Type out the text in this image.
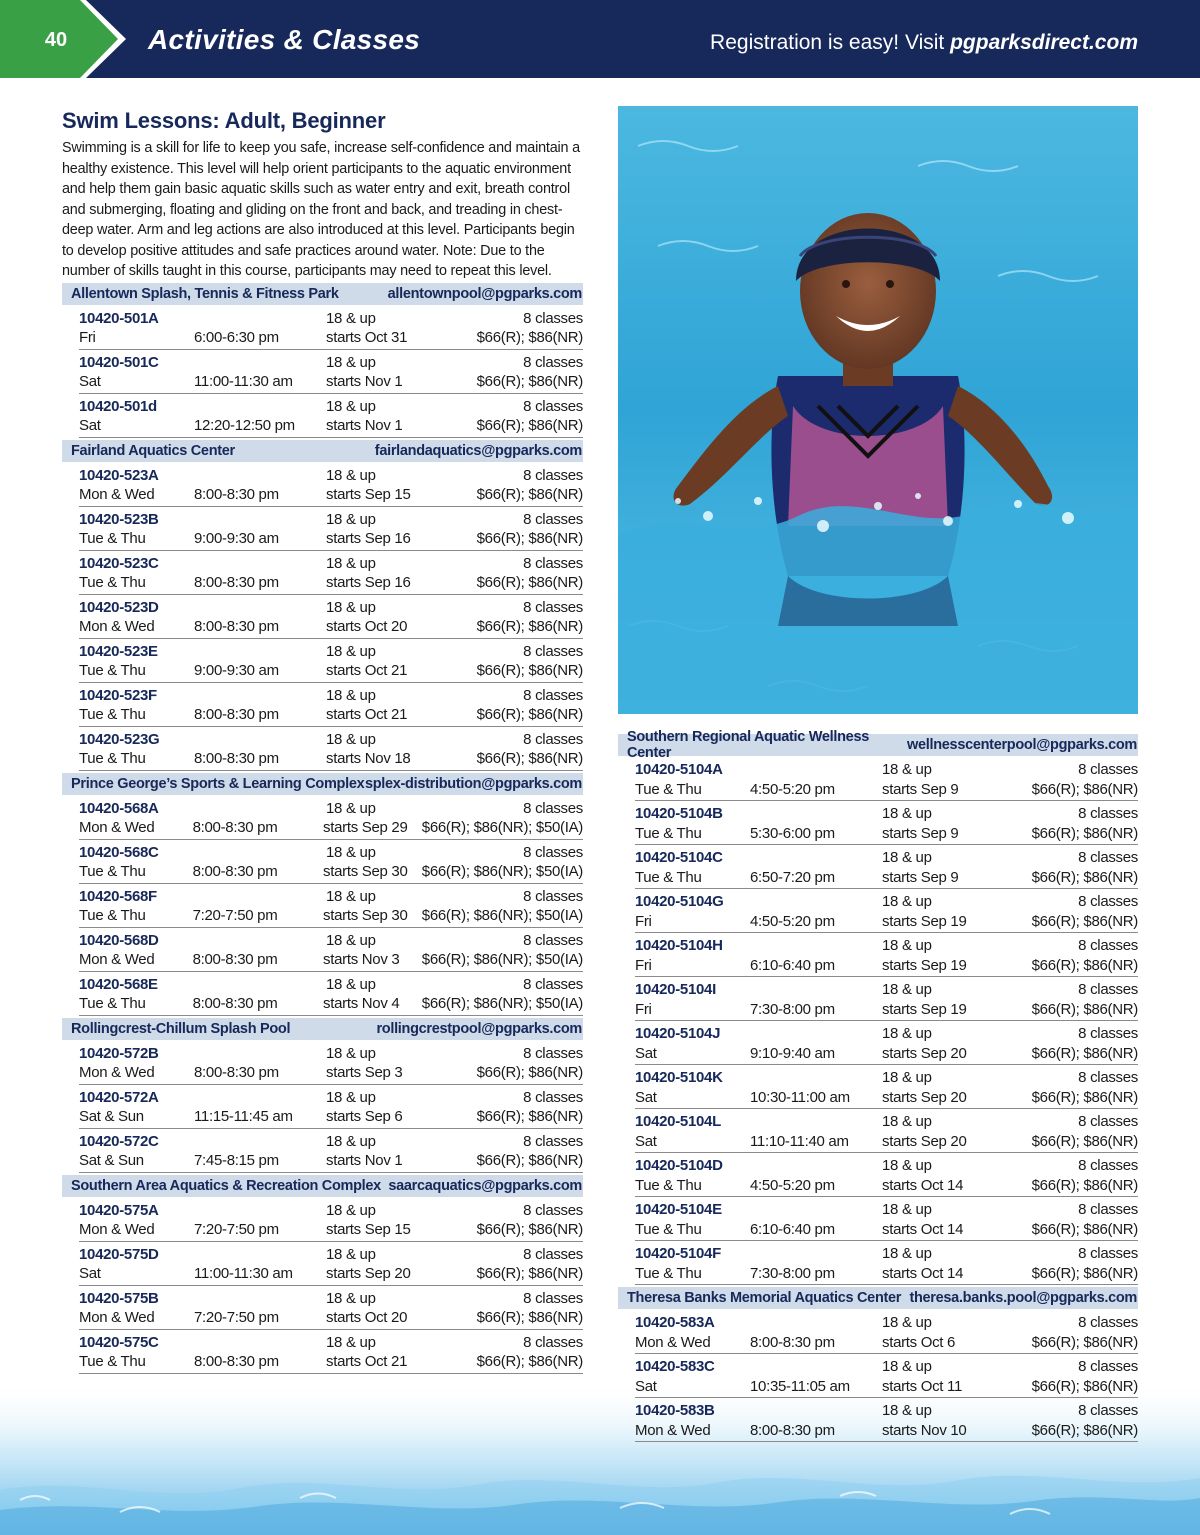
40	Activities & Classes	Registration is easy! Visit pgparksdirect.com
Swim Lessons: Adult, Beginner

Swimming is a skill for life to keep you safe, increase self-confidence and maintain a healthy existence. This level will help orient participants to the aquatic environment and help them gain basic aquatic skills such as water entry and exit, breath control and submerging, floating and gliding on the front and back, and treading in chest-deep water. Arm and leg actions are also introduced at this level. Participants begin to develop positive attitudes and safe practices around water. Note: Due to the number of skills taught in this course, participants may need to repeat this level.

Allentown Splash, Tennis & Fitness Park	allentownpool@pgparks.com
10420-501A	18 & up	8 classes
Fri	6:00-6:30 pm	starts Oct 31	$66(R); $86(NR)
10420-501C	18 & up	8 classes
Sat	11:00-11:30 am	starts Nov 1	$66(R); $86(NR)
10420-501d	18 & up	8 classes
Sat	12:20-12:50 pm	starts Nov 1	$66(R); $86(NR)
Fairland Aquatics Center	fairlandaquatics@pgparks.com
10420-523A	18 & up	8 classes
Mon & Wed	8:00-8:30 pm	starts Sep 15	$66(R); $86(NR)
10420-523B	18 & up	8 classes
Tue & Thu	9:00-9:30 am	starts Sep 16	$66(R); $86(NR)
10420-523C	18 & up	8 classes
Tue & Thu	8:00-8:30 pm	starts Sep 16	$66(R); $86(NR)
10420-523D	18 & up	8 classes
Mon & Wed	8:00-8:30 pm	starts Oct 20	$66(R); $86(NR)
10420-523E	18 & up	8 classes
Tue & Thu	9:00-9:30 am	starts Oct 21	$66(R); $86(NR)
10420-523F	18 & up	8 classes
Tue & Thu	8:00-8:30 pm	starts Oct 21	$66(R); $86(NR)
10420-523G	18 & up	8 classes
Tue & Thu	8:00-8:30 pm	starts Nov 18	$66(R); $86(NR)
Prince George’s Sports & Learning Complex splex-distribution@pgparks.com
10420-568A	18 & up	8 classes
Mon & Wed	8:00-8:30 pm	starts Sep 29 $66(R); $86(NR); $50(IA)
10420-568C	18 & up	8 classes
Tue & Thu	8:00-8:30 pm	starts Sep 30 $66(R); $86(NR); $50(IA)
10420-568F	18 & up	8 classes
Tue & Thu	7:20-7:50 pm	starts Sep 30 $66(R); $86(NR); $50(IA)
10420-568D	18 & up	8 classes
Mon & Wed	8:00-8:30 pm	starts Nov 3	$66(R); $86(NR); $50(IA)
10420-568E	18 & up	8 classes
Tue & Thu	8:00-8:30 pm	starts Nov 4	$66(R); $86(NR); $50(IA)
Rollingcrest-Chillum Splash Pool	rollingcrestpool@pgparks.com
10420-572B	18 & up	8 classes
Mon & Wed	8:00-8:30 pm	starts Sep 3	$66(R); $86(NR)
10420-572A	18 & up	8 classes
Sat & Sun	11:15-11:45 am	starts Sep 6	$66(R); $86(NR)
10420-572C	18 & up	8 classes
Sat & Sun	7:45-8:15 pm	starts Nov 1	$66(R); $86(NR)
Southern Area Aquatics & Recreation Complex saarcaquatics@pgparks.com
10420-575A	18 & up	8 classes
Mon & Wed	7:20-7:50 pm	starts Sep 15	$66(R); $86(NR)
10420-575D	18 & up	8 classes
Sat	11:00-11:30 am	starts Sep 20	$66(R); $86(NR)
10420-575B	18 & up	8 classes
Mon & Wed	7:20-7:50 pm	starts Oct 20	$66(R); $86(NR)
10420-575C	18 & up	8 classes
Tue & Thu	8:00-8:30 pm	starts Oct 21	$66(R); $86(NR)
Southern Regional Aquatic Wellness Center	wellnesscenterpool@pgparks.com
10420-5104A	18 & up	8 classes
Tue & Thu	4:50-5:20 pm	starts Sep 9	$66(R); $86(NR)
10420-5104B	18 & up	8 classes
Tue & Thu	5:30-6:00 pm	starts Sep 9	$66(R); $86(NR)
10420-5104C	18 & up	8 classes
Tue & Thu	6:50-7:20 pm	starts Sep 9	$66(R); $86(NR)
10420-5104G	18 & up	8 classes
Fri	4:50-5:20 pm	starts Sep 19	$66(R); $86(NR)
10420-5104H	18 & up	8 classes
Fri	6:10-6:40 pm	starts Sep 19	$66(R); $86(NR)
10420-5104I	18 & up	8 classes
Fri	7:30-8:00 pm	starts Sep 19	$66(R); $86(NR)
10420-5104J	18 & up	8 classes
Sat	9:10-9:40 am	starts Sep 20	$66(R); $86(NR)
10420-5104K	18 & up	8 classes
Sat	10:30-11:00 am	starts Sep 20	$66(R); $86(NR)
10420-5104L	18 & up	8 classes
Sat	11:10-11:40 am	starts Sep 20	$66(R); $86(NR)
10420-5104D	18 & up	8 classes
Tue & Thu	4:50-5:20 pm	starts Oct 14	$66(R); $86(NR)
10420-5104E	18 & up	8 classes
Tue & Thu	6:10-6:40 pm	starts Oct 14	$66(R); $86(NR)
10420-5104F	18 & up	8 classes
Tue & Thu	7:30-8:00 pm	starts Oct 14	$66(R); $86(NR)
Theresa Banks Memorial Aquatics Center theresa.banks.pool@pgparks.com
10420-583A	18 & up	8 classes
Mon & Wed	8:00-8:30 pm	starts Oct 6	$66(R); $86(NR)
10420-583C	18 & up	8 classes
Sat	10:35-11:05 am	starts Oct 11	$66(R); $86(NR)
10420-583B	18 & up	8 classes
Mon & Wed	8:00-8:30 pm	starts Nov 10	$66(R); $86(NR)
